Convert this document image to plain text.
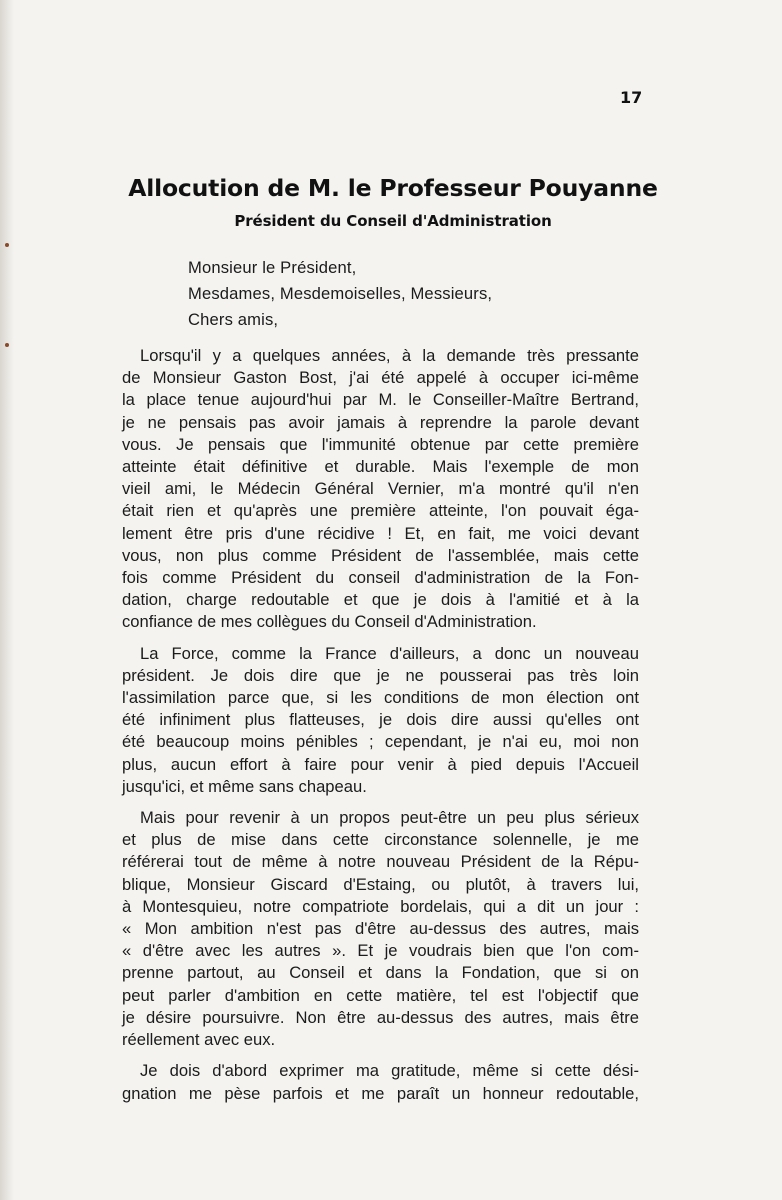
17
Allocution de M. le Professeur Pouyanne
Président du Conseil d'Administration
Monsieur le Président,
Mesdames, Mesdemoiselles, Messieurs,
Chers amis,
Lorsqu'il y a quelques années, à la demande très pressante
de Monsieur Gaston Bost, j'ai été appelé à occuper ici-même
la place tenue aujourd'hui par M. le Conseiller-Maître Bertrand,
je ne pensais pas avoir jamais à reprendre la parole devant
vous. Je pensais que l'immunité obtenue par cette première
atteinte était définitive et durable. Mais l'exemple de mon
vieil ami, le Médecin Général Vernier, m'a montré qu'il n'en
était rien et qu'après une première atteinte, l'on pouvait éga-
lement être pris d'une récidive ! Et, en fait, me voici devant
vous, non plus comme Président de l'assemblée, mais cette
fois comme Président du conseil d'administration de la Fon-
dation, charge redoutable et que je dois à l'amitié et à la
confiance de mes collègues du Conseil d'Administration.
La Force, comme la France d'ailleurs, a donc un nouveau
président. Je dois dire que je ne pousserai pas très loin
l'assimilation parce que, si les conditions de mon élection ont
été infiniment plus flatteuses, je dois dire aussi qu'elles ont
été beaucoup moins pénibles ; cependant, je n'ai eu, moi non
plus, aucun effort à faire pour venir à pied depuis l'Accueil
jusqu'ici, et même sans chapeau.
Mais pour revenir à un propos peut-être un peu plus sérieux
et plus de mise dans cette circonstance solennelle, je me
référerai tout de même à notre nouveau Président de la Répu-
blique, Monsieur Giscard d'Estaing, ou plutôt, à travers lui,
à Montesquieu, notre compatriote bordelais, qui a dit un jour :
« Mon ambition n'est pas d'être au-dessus des autres, mais
« d'être avec les autres ». Et je voudrais bien que l'on com-
prenne partout, au Conseil et dans la Fondation, que si on
peut parler d'ambition en cette matière, tel est l'objectif que
je désire poursuivre. Non être au-dessus des autres, mais être
réellement avec eux.
Je dois d'abord exprimer ma gratitude, même si cette dési-
gnation me pèse parfois et me paraît un honneur redoutable,
